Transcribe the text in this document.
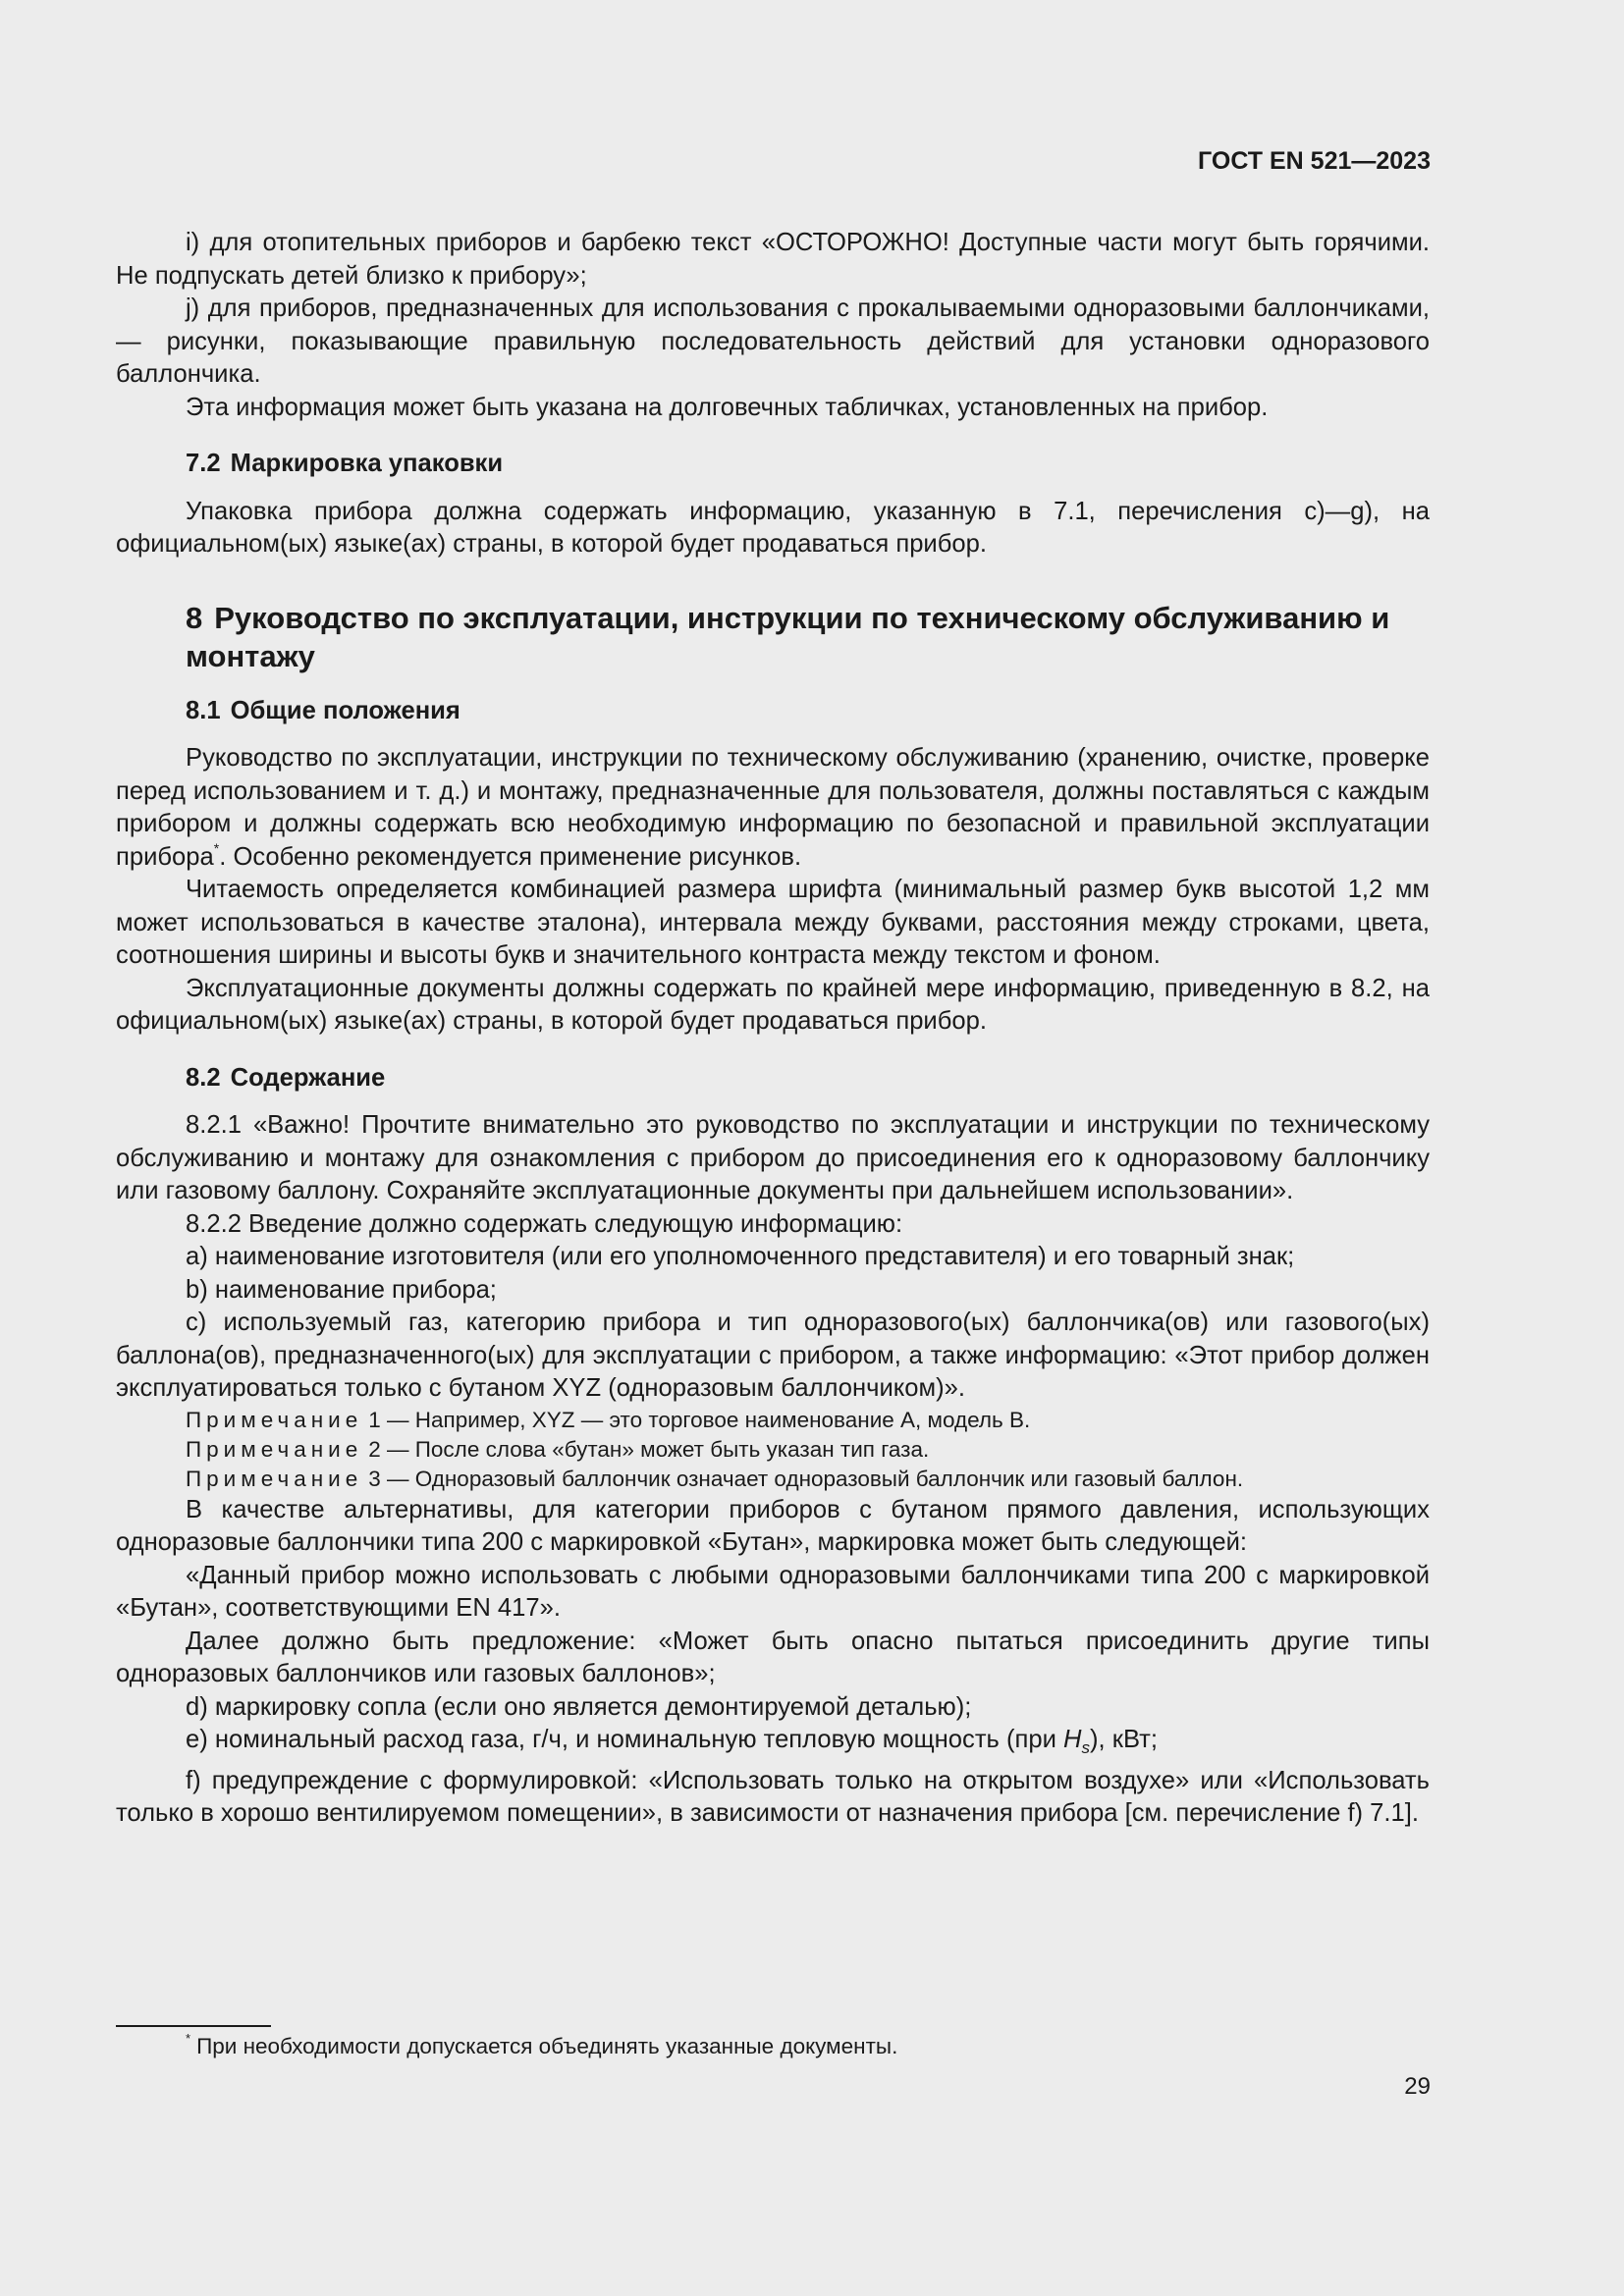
ГОСТ EN 521—2023

i) для отопительных приборов и барбекю текст «ОСТОРОЖНО! Доступные части могут быть горячими. Не подпускать детей близко к прибору»;

j) для приборов, предназначенных для использования с прокалываемыми одноразовыми баллончиками, — рисунки, показывающие правильную последовательность действий для установки одноразового баллончика.

Эта информация может быть указана на долговечных табличках, установленных на прибор.

7.2 Маркировка упаковки

Упаковка прибора должна содержать информацию, указанную в 7.1, перечисления c)—g), на официальном(ых) языке(ах) страны, в которой будет продаваться прибор.

8 Руководство по эксплуатации, инструкции по техническому обслуживанию и монтажу

8.1 Общие положения

Руководство по эксплуатации, инструкции по техническому обслуживанию (хранению, очистке, проверке перед использованием и т. д.) и монтажу, предназначенные для пользователя, должны поставляться с каждым прибором и должны содержать всю необходимую информацию по безопасной и правильной эксплуатации прибора*. Особенно рекомендуется применение рисунков.

Читаемость определяется комбинацией размера шрифта (минимальный размер букв высотой 1,2 мм может использоваться в качестве эталона), интервала между буквами, расстояния между строками, цвета, соотношения ширины и высоты букв и значительного контраста между текстом и фоном.

Эксплуатационные документы должны содержать по крайней мере информацию, приведенную в 8.2, на официальном(ых) языке(ах) страны, в которой будет продаваться прибор.

8.2 Содержание

8.2.1 «Важно! Прочтите внимательно это руководство по эксплуатации и инструкции по техническому обслуживанию и монтажу для ознакомления с прибором до присоединения его к одноразовому баллончику или газовому баллону. Сохраняйте эксплуатационные документы при дальнейшем использовании».

8.2.2 Введение должно содержать следующую информацию:

a) наименование изготовителя (или его уполномоченного представителя) и его товарный знак;

b) наименование прибора;

c) используемый газ, категорию прибора и тип одноразового(ых) баллончика(ов) или газового(ых) баллона(ов), предназначенного(ых) для эксплуатации с прибором, а также информацию: «Этот прибор должен эксплуатироваться только с бутаном XYZ (одноразовым баллончиком)».

Примечание 1 — Например, XYZ — это торговое наименование А, модель В.

Примечание 2 — После слова «бутан» может быть указан тип газа.

Примечание 3 — Одноразовый баллончик означает одноразовый баллончик или газовый баллон.

В качестве альтернативы, для категории приборов с бутаном прямого давления, использующих одноразовые баллончики типа 200 с маркировкой «Бутан», маркировка может быть следующей:

«Данный прибор можно использовать с любыми одноразовыми баллончиками типа 200 с маркировкой «Бутан», соответствующими EN 417».

Далее должно быть предложение: «Может быть опасно пытаться присоединить другие типы одноразовых баллончиков или газовых баллонов»;

d) маркировку сопла (если оно является демонтируемой деталью);

e) номинальный расход газа, г/ч, и номинальную тепловую мощность (при $H_s$), кВт;

f) предупреждение с формулировкой: «Использовать только на открытом воздухе» или «Использовать только в хорошо вентилируемом помещении», в зависимости от назначения прибора [см. перечисление f) 7.1].

* При необходимости допускается объединять указанные документы.
29
